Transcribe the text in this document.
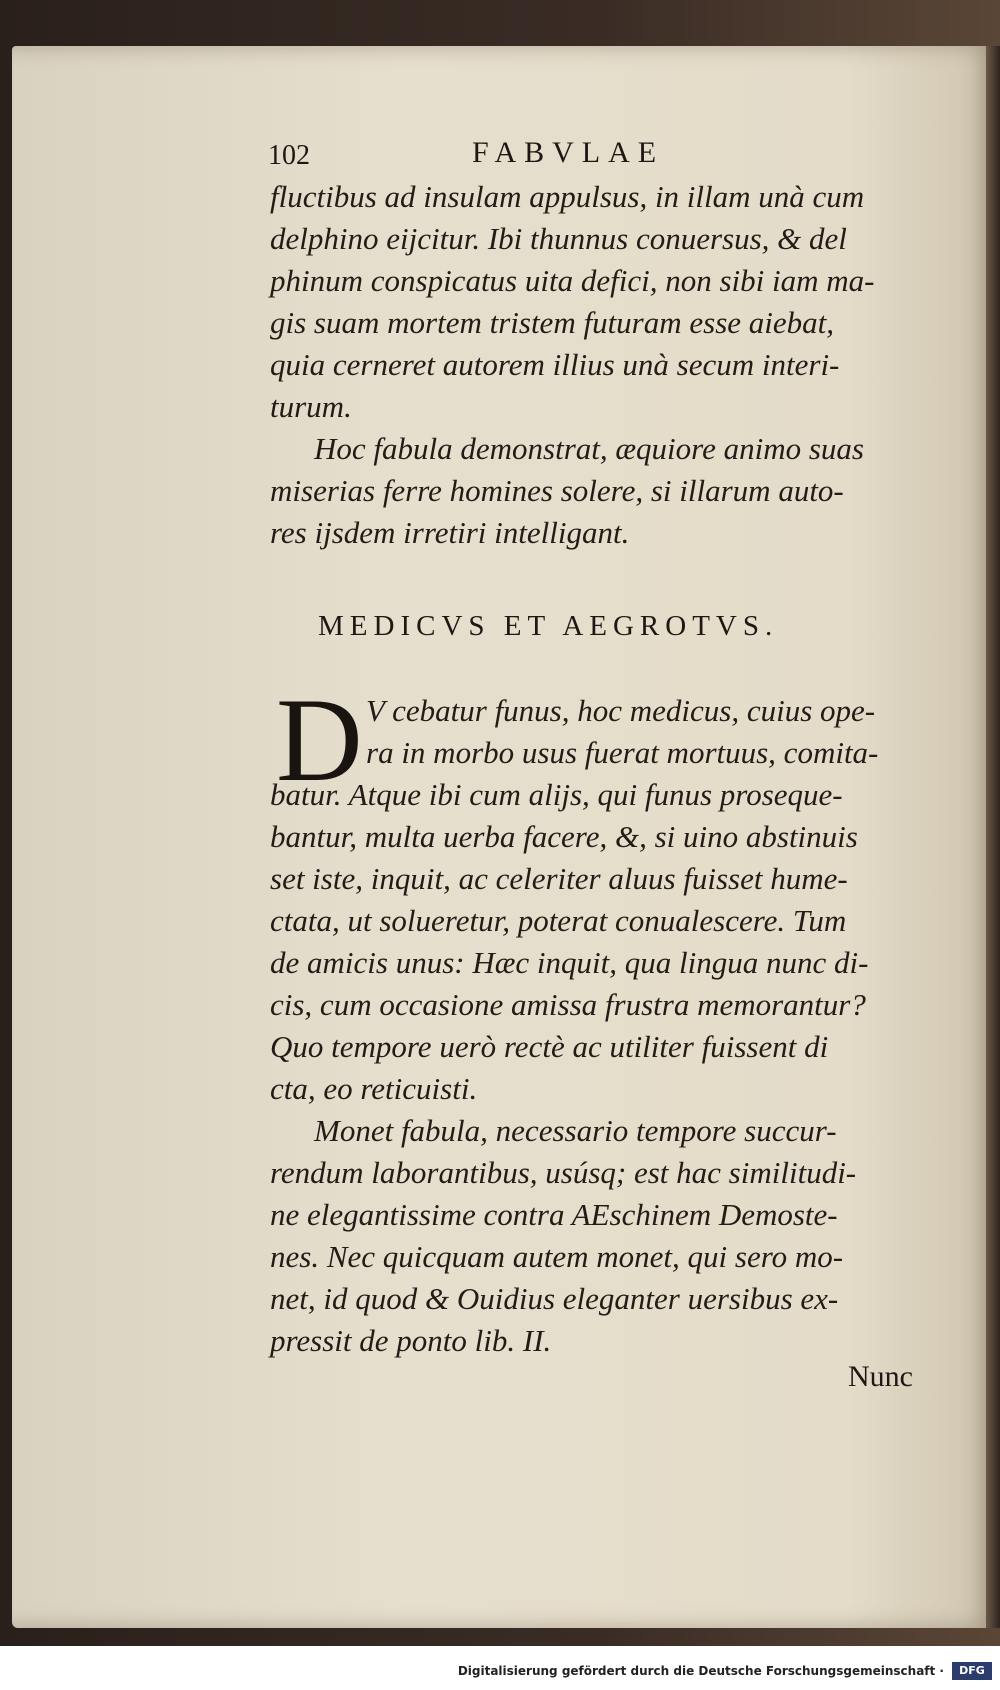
102	FABVLAE
fluctibus ad insulam appulsus, in illam unà cum
delphino eijcitur. Ibi thunnus conuersus, & del
phinum conspicatus uita defici, non sibi iam ma-
gis suam mortem tristem futuram esse aiebat,
quia cerneret autorem illius unà secum interi-
turum.
Hoc fabula demonstrat, æquiore animo suas
miserias ferre homines solere, si illarum auto-
res ijsdem irretiri intelligant.
MEDICVS ET AEGROTVS.
D V cebatur funus, hoc medicus, cuius ope-
ra in morbo usus fuerat mortuus, comita-
batur. Atque ibi cum alijs, qui funus proseque-
bantur, multa uerba facere, &, si uino abstinuis
set iste, inquit, ac celeriter aluus fuisset hume-
ctata, ut solueretur, poterat conualescere. Tum
de amicis unus: Hæc inquit, qua lingua nunc di-
cis, cum occasione amissa frustra memorantur?
Quo tempore uerò rectè ac utiliter fuissent di
cta, eo reticuisti.
Monet fabula, necessario tempore succur-
rendum laborantibus, usúsq; est hac similitudi-
ne elegantissime contra AEschinem Demoste-
nes. Nec quicquam autem monet, qui sero mo-
net, id quod & Ouidius eleganter uersibus ex-
pressit de ponto lib. II.
Nunc
Digitalisierung gefördert durch die Deutsche Forschungsgemeinschaft ·	DFG
